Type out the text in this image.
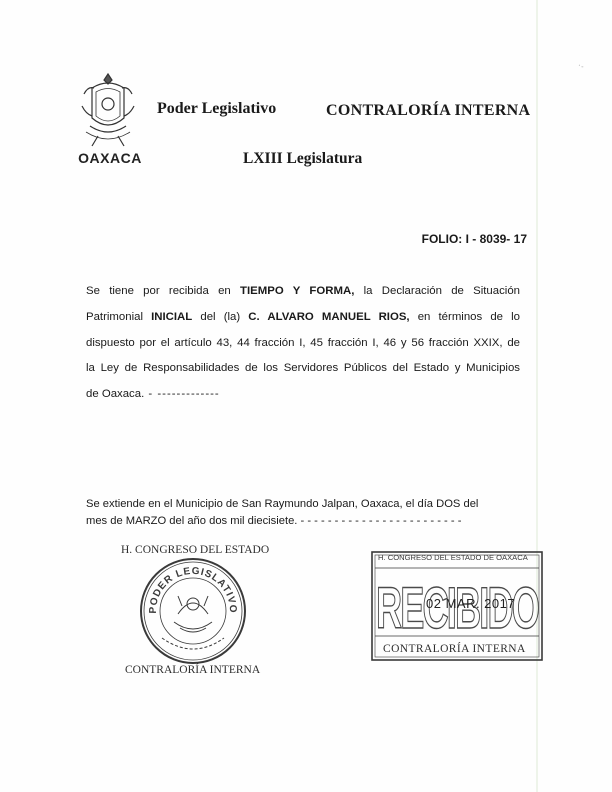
·ʼ
OAXACA
Poder Legislativo	CONTRALORÍA INTERNA
LXIII Legislatura
FOLIO: I - 8039- 17
Se tiene por recibida en TIEMPO Y FORMA, la Declaración de Situación
Patrimonial INICIAL del (la) C. ALVARO MANUEL RIOS, en términos de lo
dispuesto por el artículo 43, 44 fracción I, 45 fracción I, 46 y 56 fracción XXIX, de
la Ley de Responsabilidades de los Servidores Públicos del Estado y Municipios
de Oaxaca. - -------------
Se extiende en el Municipio de San Raymundo Jalpan, Oaxaca, el día DOS del
mes de MARZO del año dos mil diecisiete. - - - - - - - - - - - - - - - - - - - - - - - -
H. CONGRESO DEL ESTADO
PODER LEGISLATIVO
CONTRALORÍA INTERNA
RECIBIDO
H. CONGRESO DEL ESTADO DE OAXACA
02 MAR. 2017
CONTRALORÍA INTERNA
